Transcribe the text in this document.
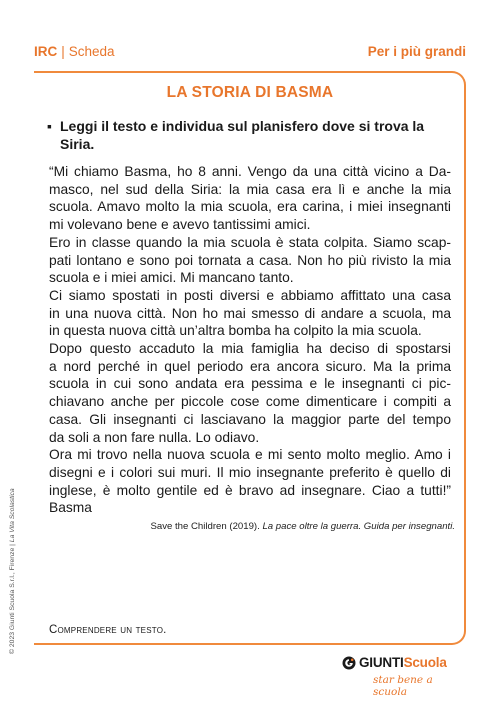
IRC | Scheda	Per i più grandi
LA STORIA DI BASMA
▪ Leggi il testo e individua sul planisfero dove si trova la Siria.

“Mi chiamo Basma, ho 8 anni. Vengo da una città vicino a Da-
masco, nel sud della Siria: la mia casa era lì e anche la mia
scuola. Amavo molto la mia scuola, era carina, i miei insegnanti
mi volevano bene e avevo tantissimi amici.

Ero in classe quando la mia scuola è stata colpita. Siamo scap-
pati lontano e sono poi tornata a casa. Non ho più rivisto la mia
scuola e i miei amici. Mi mancano tanto.

Ci siamo spostati in posti diversi e abbiamo affittato una casa
in una nuova città. Non ho mai smesso di andare a scuola, ma
in questa nuova città un’altra bomba ha colpito la mia scuola.

Dopo questo accaduto la mia famiglia ha deciso di spostarsi
a nord perché in quel periodo era ancora sicuro. Ma la prima
scuola in cui sono andata era pessima e le insegnanti ci pic-
chiavano anche per piccole cose come dimenticare i compiti a
casa. Gli insegnanti ci lasciavano la maggior parte del tempo
da soli a non fare nulla. Lo odiavo.

Ora mi trovo nella nuova scuola e mi sento molto meglio. Amo i
disegni e i colori sui muri. Il mio insegnante preferito è quello di
inglese, è molto gentile ed è bravo ad insegnare. Ciao a tutti!”
Basma

Save the Children (2019). La pace oltre la guerra. Guida per insegnanti.
Comprendere un testo.
© 2023 Giunti Scuola S.r.l., Firenze | La Vita Scolastica
GIUNTIScuola
star bene a scuola
